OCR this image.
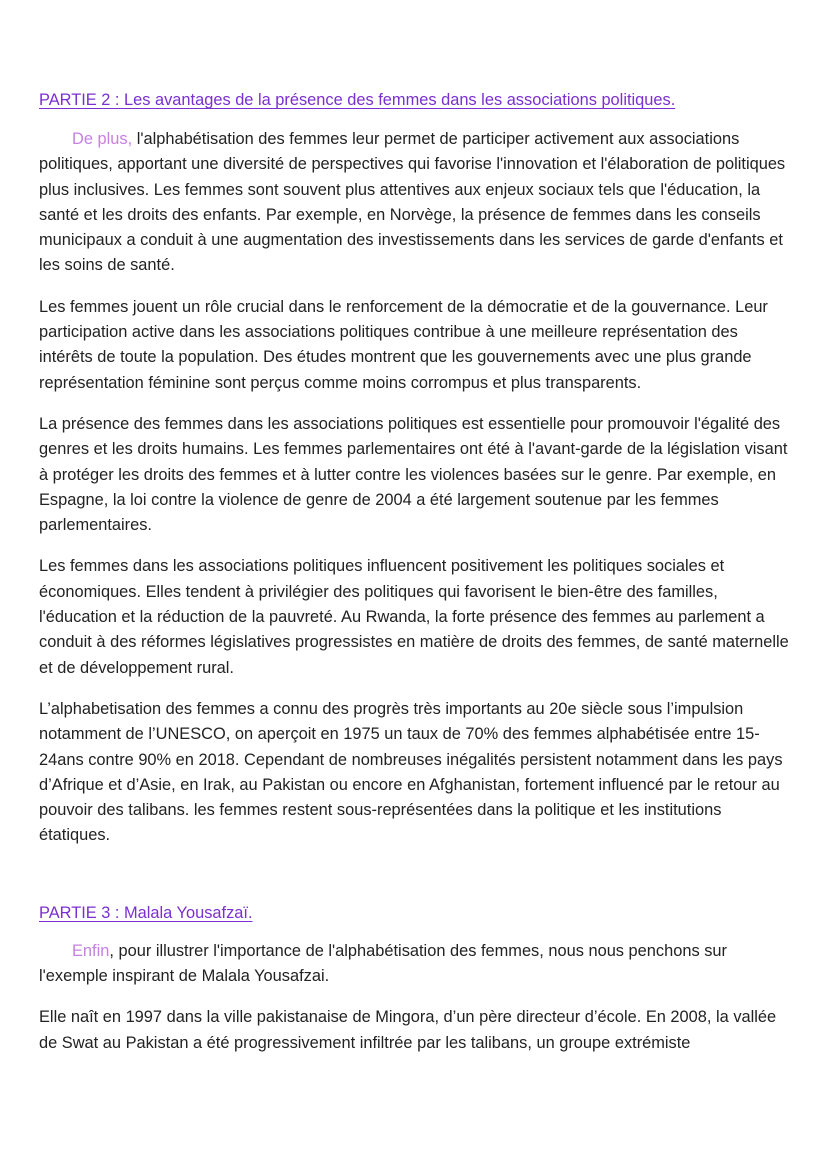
PARTIE 2 : Les avantages de la présence des femmes dans les associations politiques.

De plus, l'alphabétisation des femmes leur permet de participer activement aux associations politiques, apportant une diversité de perspectives qui favorise l'innovation et l'élaboration de politiques plus inclusives. Les femmes sont souvent plus attentives aux enjeux sociaux tels que l'éducation, la santé et les droits des enfants. Par exemple, en Norvège, la présence de femmes dans les conseils municipaux a conduit à une augmentation des investissements dans les services de garde d'enfants et les soins de santé.

Les femmes jouent un rôle crucial dans le renforcement de la démocratie et de la gouvernance. Leur participation active dans les associations politiques contribue à une meilleure représentation des intérêts de toute la population. Des études montrent que les gouvernements avec une plus grande représentation féminine sont perçus comme moins corrompus et plus transparents.

La présence des femmes dans les associations politiques est essentielle pour promouvoir l'égalité des genres et les droits humains. Les femmes parlementaires ont été à l'avant-garde de la législation visant à protéger les droits des femmes et à lutter contre les violences basées sur le genre. Par exemple, en Espagne, la loi contre la violence de genre de 2004 a été largement soutenue par les femmes parlementaires.

Les femmes dans les associations politiques influencent positivement les politiques sociales et économiques. Elles tendent à privilégier des politiques qui favorisent le bien-être des familles, l'éducation et la réduction de la pauvreté. Au Rwanda, la forte présence des femmes au parlement a conduit à des réformes législatives progressistes en matière de droits des femmes, de santé maternelle et de développement rural.

L’alphabetisation des femmes a connu des progrès très importants au 20e siècle sous l’impulsion notamment de l’UNESCO, on aperçoit en 1975 un taux de 70% des femmes alphabétisée entre 15-24ans contre 90% en 2018. Cependant de nombreuses inégalités persistent notamment dans les pays d’Afrique et d’Asie, en Irak, au Pakistan ou encore en Afghanistan, fortement influencé par le retour au pouvoir des talibans. les femmes restent sous-représentées dans la politique et les institutions étatiques.

PARTIE 3 : Malala Yousafzaï.

Enfin, pour illustrer l'importance de l'alphabétisation des femmes, nous nous penchons sur l'exemple inspirant de Malala Yousafzai.

Elle naît en 1997 dans la ville pakistanaise de Mingora, d’un père directeur d’école. En 2008, la vallée de Swat au Pakistan a été progressivement infiltrée par les talibans, un groupe extrémiste
